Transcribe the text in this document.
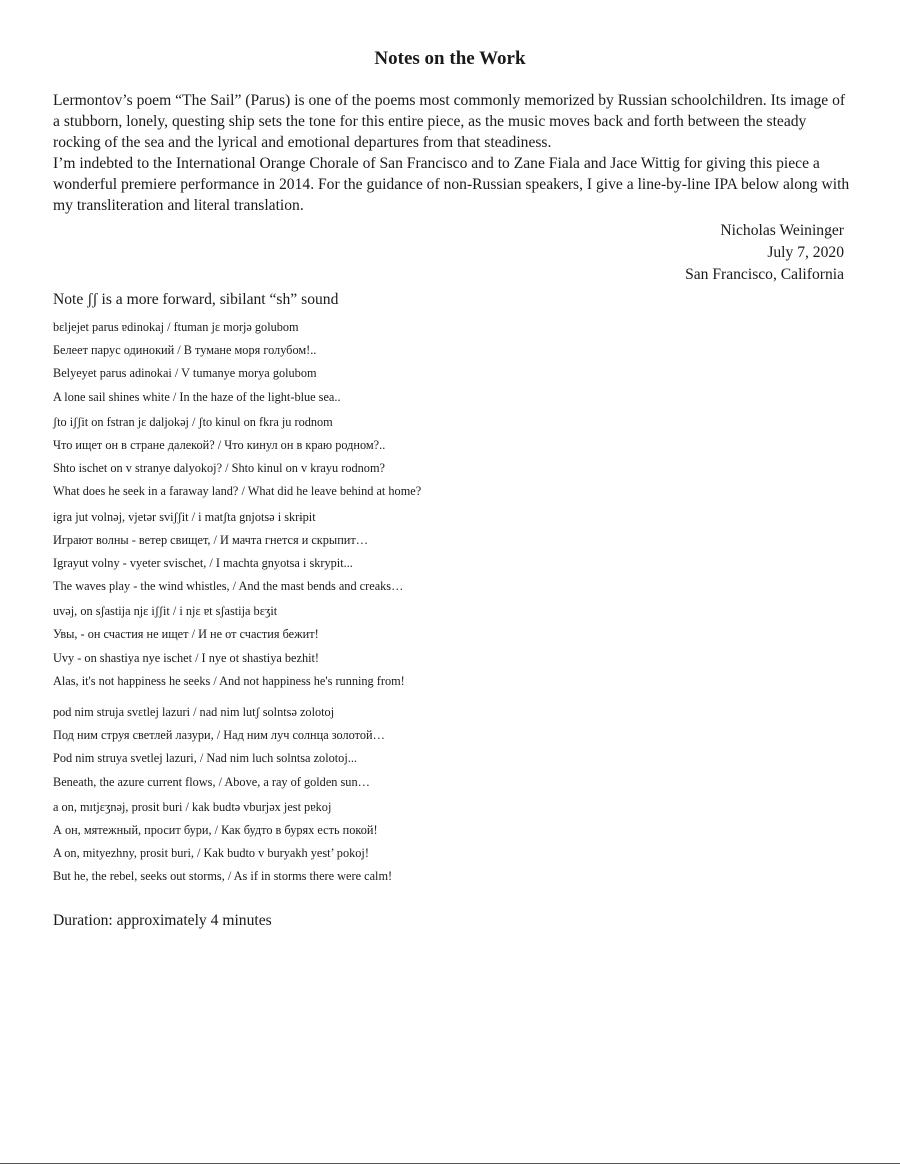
Notes on the Work

Lermontov’s poem “The Sail” (Parus) is one of the poems most commonly memorized by Russian schoolchildren. Its image of a stubborn, lonely, questing ship sets the tone for this entire piece, as the music moves back and forth between the steady rocking of the sea and the lyrical and emotional departures from that steadiness.

I’m indebted to the International Orange Chorale of San Francisco and to Zane Fiala and Jace Wittig for giving this piece a wonderful premiere performance in 2014. For the guidance of non-Russian speakers, I give a line-by-line IPA below along with my transliteration and literal translation.

Nicholas Weininger
July 7, 2020
San Francisco, California
Note ʃʃ is a more forward, sibilant “sh” sound
bɛljejet parus ɐdinokaj / ftuman jɛ morjə golubom
Белеет парус одинокий / В тумане моря голубом!..
Belyeyet parus adinokai / V tumanye morya golubom
A lone sail shines white / In the haze of the light-blue sea..
ʃto iʃʃit on fstran jɛ daljokəj / ʃto kinul on fkra ju rodnom
Что ищет он в стране далекой? / Что кинул он в краю родном?..
Shto ischet on v stranye dalyokoj? / Shto kinul on v krayu rodnom?
What does he seek in a faraway land? / What did he leave behind at home?
igra jut volnəj, vjetər sviʃʃit / i matʃta gnjotsə i skrɨpit
Играют волны - ветер свищет, / И мачта гнется и скрыпит…
Igrayut volny - vyeter svischet, / I machta gnyotsa i skrypit...
The waves play - the wind whistles, / And the mast bends and creaks…
uvəj, on sʃastija njɛ iʃʃit / i njɛ ɐt sʃastija bɛʒit
Увы, - он счастия не ищет / И не от счастия бежит!
Uvy - on shastiya nye ischet / I nye ot shastiya bezhit!
Alas, it's not happiness he seeks / And not happiness he's running from!
pod nim strujа svɛtlej lazuri / nad nim lutʃ solntsə zolotoj
Под ним струя светлей лазури, / Над ним луч солнца золотой…
Pod nim struya svetlej lazuri, / Nad nim luch solntsa zolotoj...
Beneath, the azure current flows, / Above, a ray of golden sun…
a on, mɪtjɛʒnəj, prosit buri / kak budtə vburjəx jest pɐkoj
А он, мятежный, просит бури, / Как будто в бурях есть покой!
A on, mityezhny, prosit buri, / Kak budto v buryakh yest’ pokoj!
But he, the rebel, seeks out storms, / As if in storms there were calm!
Duration: approximately 4 minutes
